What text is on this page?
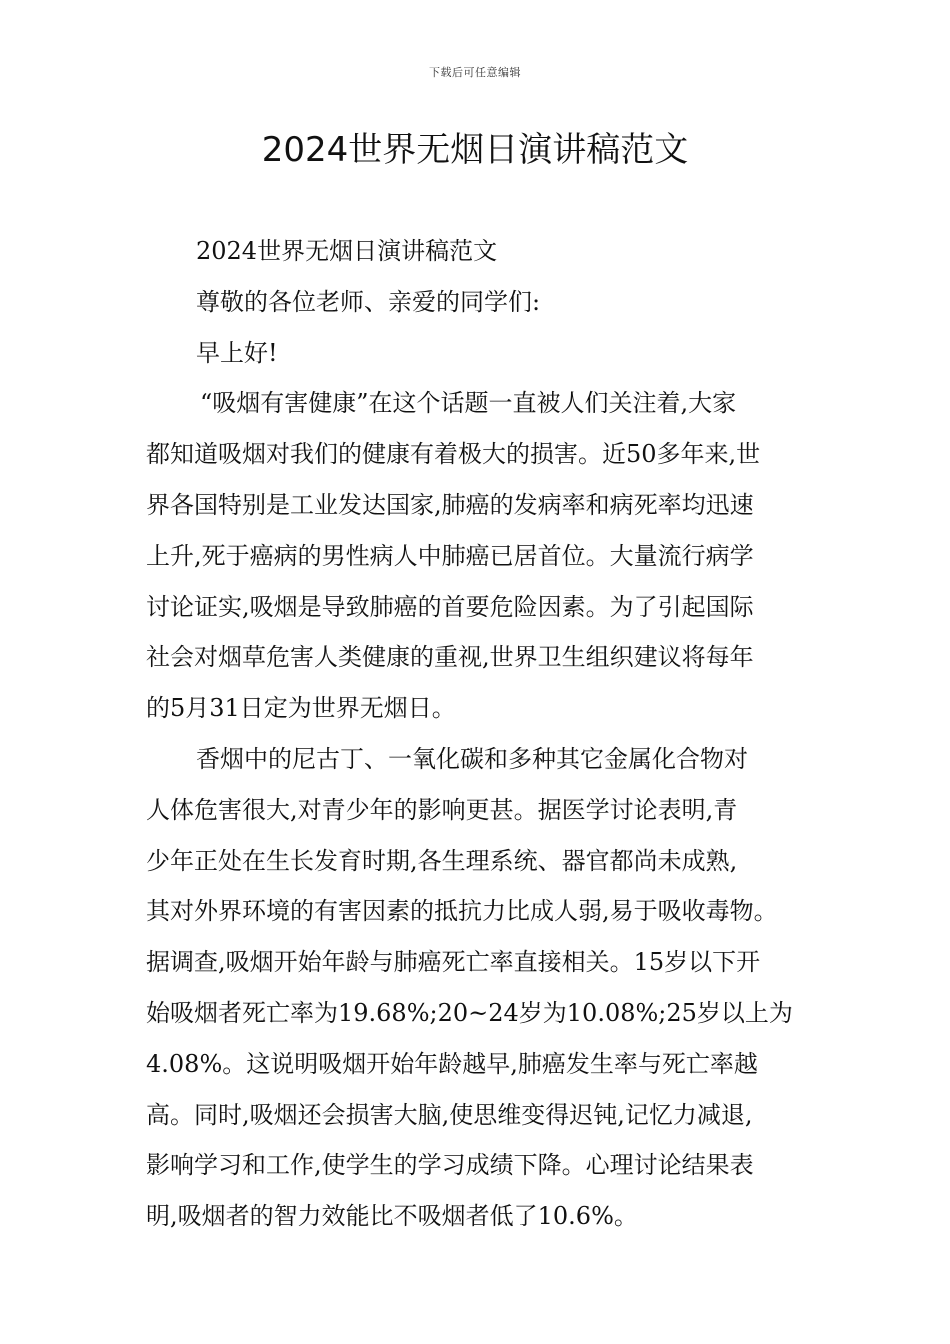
下载后可任意编辑
2024世界无烟日演讲稿范文
2024世界无烟日演讲稿范文
尊敬的各位老师、亲爱的同学们:
早上好!
“吸烟有害健康”在这个话题一直被人们关注着,大家
都知道吸烟对我们的健康有着极大的损害。近50多年来,世
界各国特别是工业发达国家,肺癌的发病率和病死率均迅速
上升,死于癌病的男性病人中肺癌已居首位。大量流行病学
讨论证实,吸烟是导致肺癌的首要危险因素。为了引起国际
社会对烟草危害人类健康的重视,世界卫生组织建议将每年
的5月31日定为世界无烟日。
香烟中的尼古丁、一氧化碳和多种其它金属化合物对
人体危害很大,对青少年的影响更甚。据医学讨论表明,青
少年正处在生长发育时期,各生理系统、器官都尚未成熟,
其对外界环境的有害因素的抵抗力比成人弱,易于吸收毒物。
据调查,吸烟开始年龄与肺癌死亡率直接相关。15岁以下开
始吸烟者死亡率为19.68%;20~24岁为10.08%;25岁以上为
4.08%。这说明吸烟开始年龄越早,肺癌发生率与死亡率越
高。同时,吸烟还会损害大脑,使思维变得迟钝,记忆力减退,
影响学习和工作,使学生的学习成绩下降。心理讨论结果表
明,吸烟者的智力效能比不吸烟者低了10.6%。
